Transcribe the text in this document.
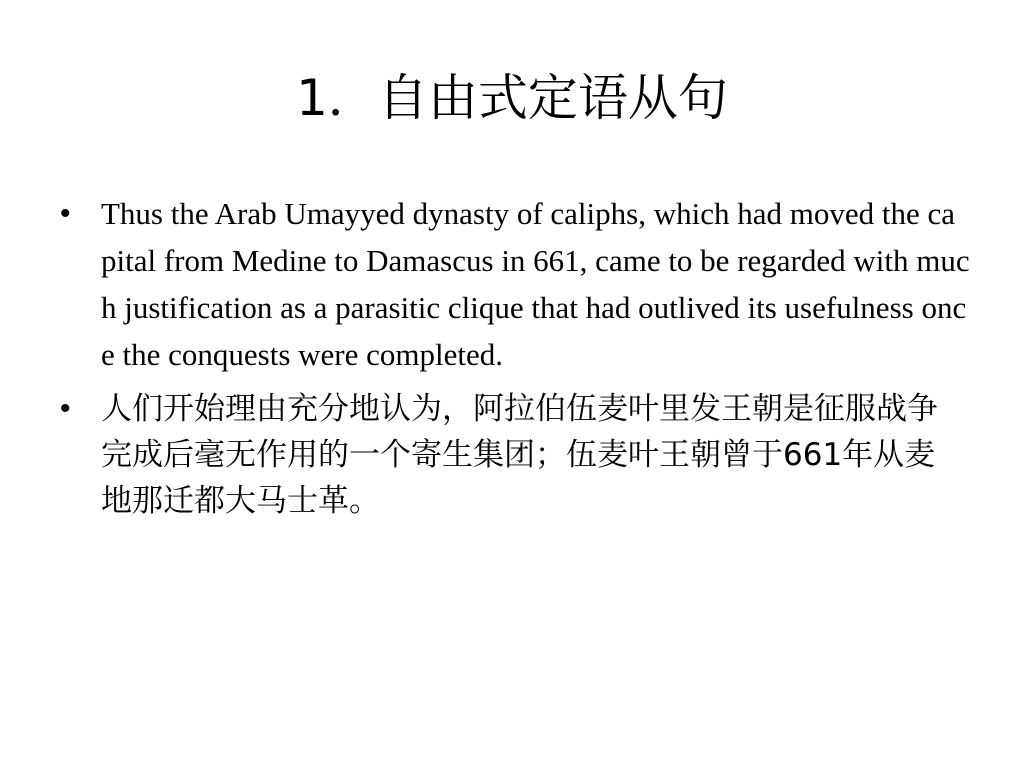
1．自由式定语从句
• Thus the Arab Umayyed dynasty of caliphs, which had moved the capital from Medine to Damascus in 661, came to be regarded with much justification as a parasitic clique that had outlived its usefulness once the conquests were completed.
• 人们开始理由充分地认为，阿拉伯伍麦叶里发王朝是征服战争完成后毫无作用的一个寄生集团；伍麦叶王朝曾于661年从麦地那迁都大马士革。
